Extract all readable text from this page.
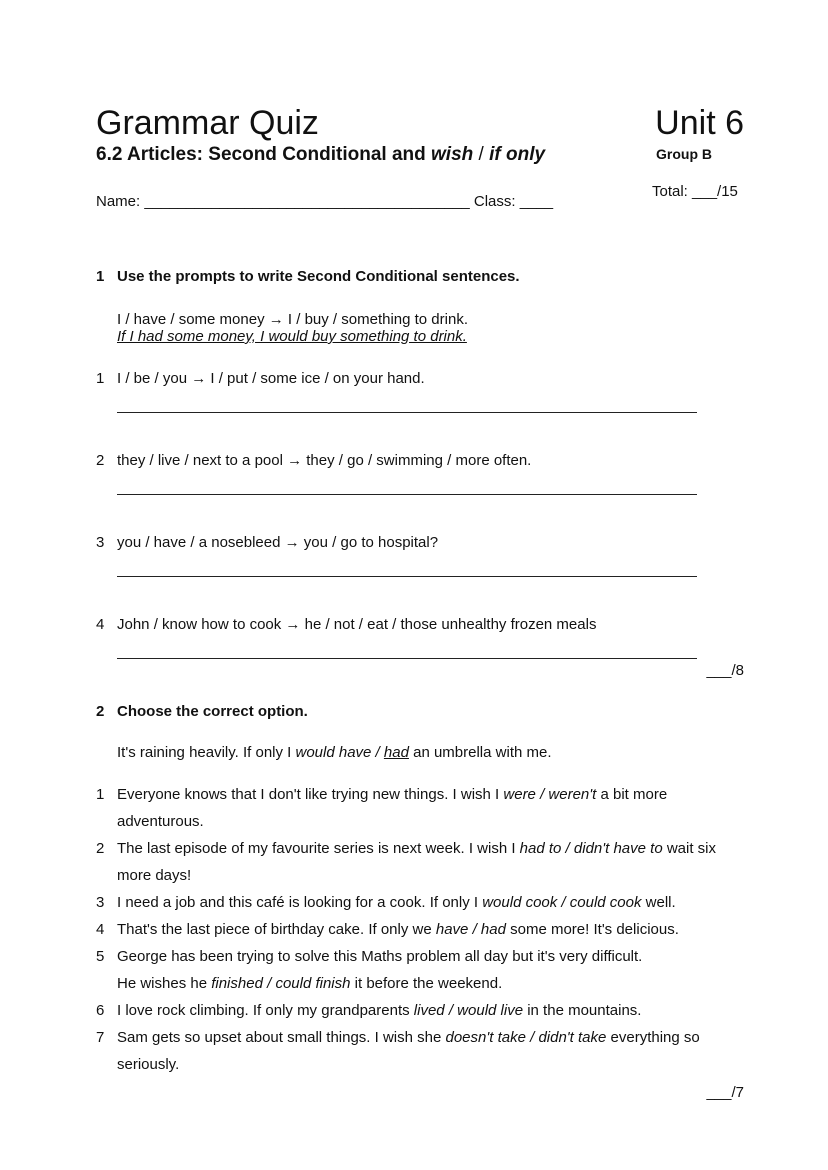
Grammar Quiz	Unit 6
6.2 Articles: Second Conditional and wish / if only	Group B
Total: ___/15
Name: _______________________________________ Class: ____
1 Use the prompts to write Second Conditional sentences.
I / have / some money → I / buy / something to drink.
If I had some money, I would buy something to drink.
1 I / be / you → I / put / some ice / on your hand.
2 they / live / next to a pool → they / go / swimming / more often.
3 you / have / a nosebleed → you / go to hospital?
4 John / know how to cook → he / not / eat / those unhealthy frozen meals
___/8
2 Choose the correct option.
It's raining heavily. If only I would have / had an umbrella with me.
1 Everyone knows that I don't like trying new things. I wish I were / weren't a bit more
adventurous.
2 The last episode of my favourite series is next week. I wish I had to / didn't have to wait six
more days!
3 I need a job and this café is looking for a cook. If only I would cook / could cook well.
4 That's the last piece of birthday cake. If only we have / had some more! It's delicious.
5 George has been trying to solve this Maths problem all day but it's very difficult.
He wishes he finished / could finish it before the weekend.
6 I love rock climbing. If only my grandparents lived / would live in the mountains.
7 Sam gets so upset about small things. I wish she doesn't take / didn't take everything so
seriously.
___/7
